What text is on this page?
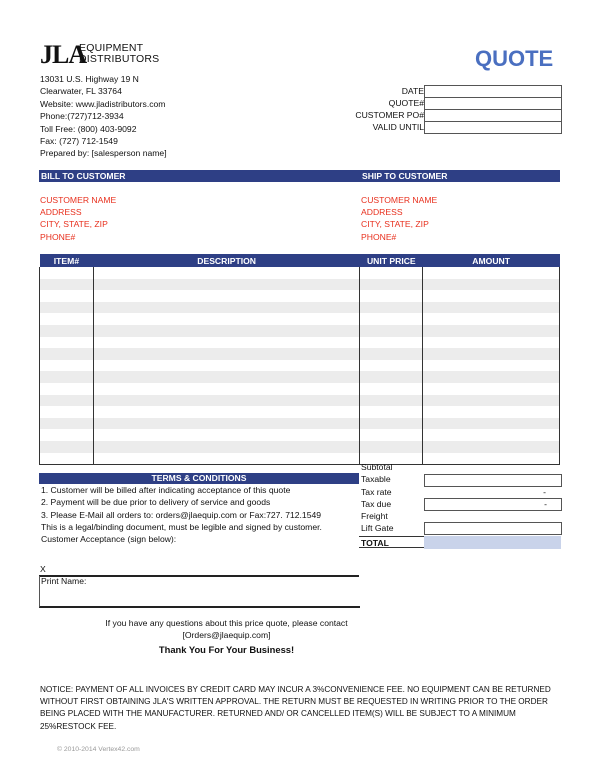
JLA
EQUIPMENT
DISTRIBUTORS	QUOTE
13031 U.S. Highway 19 N
Clearwater, FL 33764
Website: www.jladistributors.com
Phone:(727)712-3934
Toll Free: (800) 403-9092
Fax: (727) 712-1549
Prepared by: [salesperson name]
DATE
QUOTE#
CUSTOMER PO#
VALID UNTIL
BILL TO CUSTOMER	SHIP TO CUSTOMER
CUSTOMER NAME
ADDRESS
CITY, STATE, ZIP
PHONE#
CUSTOMER NAME
ADDRESS
CITY, STATE, ZIP
PHONE#
ITEM#	DESCRIPTION	UNIT PRICE	AMOUNT

TERMS & CONDITIONS
1. Customer will be billed after indicating acceptance of this quote
2. Payment will be due prior to delivery of service and goods
3. Please E-Mail all orders to: orders@jlaequip.com or Fax:727. 712.1549
This is a legal/binding document, must be legible and signed by customer.
Customer Acceptance (sign below):
X
Print Name:
Subtotal
Taxable
Tax rate	-
Tax due	-
Freight
Lift Gate
TOTAL
If you have any questions about this price quote, please contact
[Orders@jlaequip.com]
Thank You For Your Business!
NOTICE: PAYMENT OF ALL INVOICES BY CREDIT CARD MAY INCUR A 3%CONVENIENCE FEE. NO EQUIPMENT CAN BE RETURNED WITHOUT FIRST OBTAINING JLA'S WRITTEN APPROVAL. THE RETURN MUST BE REQUESTED IN WRITING PRIOR TO THE ORDER BEING PLACED WITH THE MANUFACTURER. RETURNED AND/ OR CANCELLED ITEM(S) WILL BE SUBJECT TO A MINIMUM 25%RESTOCK FEE.
© 2010-2014 Vertex42.com
